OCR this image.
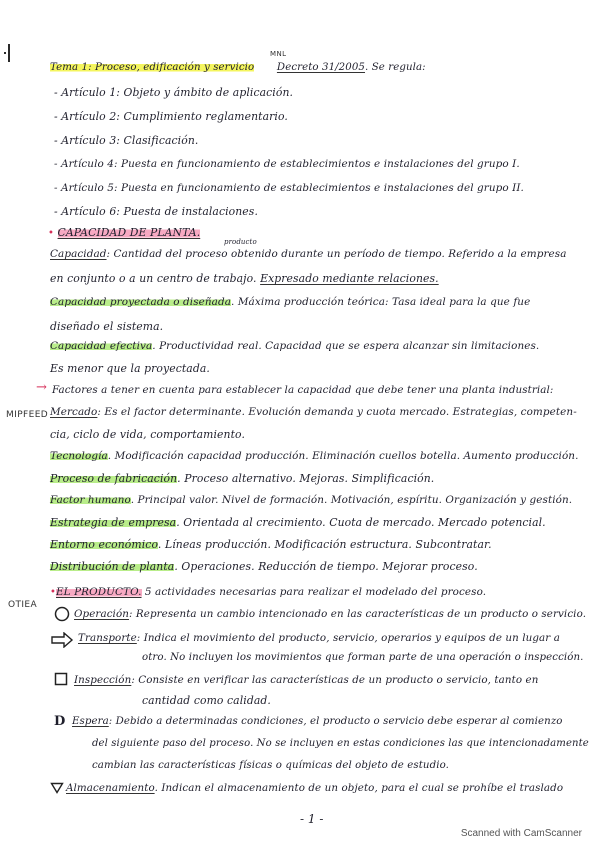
MNL
Tema 1: Proceso, edificación y servicio Decreto 31/2005. Se regula:
- Artículo 1: Objeto y ámbito de aplicación.
- Artículo 2: Cumplimiento reglamentario.
- Artículo 3: Clasificación.
- Artículo 4: Puesta en funcionamiento de establecimientos e instalaciones del grupo I.
- Artículo 5: Puesta en funcionamiento de establecimientos e instalaciones del grupo II.
- Artículo 6: Puesta de instalaciones.
• CAPACIDAD DE PLANTA.
producto
Capacidad: Cantidad del proceso obtenido durante un período de tiempo. Referido a la empresa
en conjunto o a un centro de trabajo. Expresado mediante relaciones.
Capacidad proyectada o diseñada. Máxima producción teórica: Tasa ideal para la que fue
diseñado el sistema.
Capacidad efectiva. Productividad real. Capacidad que se espera alcanzar sin limitaciones.
Es menor que la proyectada.
MIPFEED
→ Factores a tener en cuenta para establecer la capacidad que debe tener una planta industrial:
Mercado: Es el factor determinante. Evolución demanda y cuota mercado. Estrategias, competen-
cia, ciclo de vida, comportamiento.
Tecnología. Modificación capacidad producción. Eliminación cuellos botella. Aumento producción.
Proceso de fabricación. Proceso alternativo. Mejoras. Simplificación.
Factor humano. Principal valor. Nivel de formación. Motivación, espíritu. Organización y gestión.
Estrategia de empresa. Orientada al crecimiento. Cuota de mercado. Mercado potencial.
Entorno económico. Líneas producción. Modificación estructura. Subcontratar.
Distribución de planta. Operaciones. Reducción de tiempo. Mejorar proceso.
OTIEA
•EL PRODUCTO. 5 actividades necesarias para realizar el modelado del proceso.
Operación: Representa un cambio intencionado en las características de un producto o servicio.
Transporte: Indica el movimiento del producto, servicio, operarios y equipos de un lugar a
otro. No incluyen los movimientos que forman parte de una operación o inspección.
Inspección: Consiste en verificar las características de un producto o servicio, tanto en
cantidad como calidad.
D Espera: Debido a determinadas condiciones, el producto o servicio debe esperar al comienzo
del siguiente paso del proceso. No se incluyen en estas condiciones las que intencionadamente
cambian las características físicas o químicas del objeto de estudio.
Almacenamiento. Indican el almacenamiento de un objeto, para el cual se prohíbe el traslado
- 1 -
Scanned with CamScanner
